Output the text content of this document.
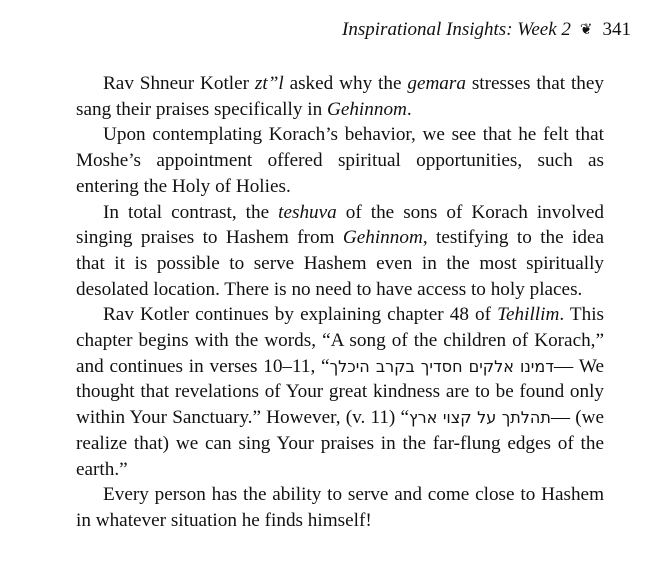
Inspirational Insights: Week 2 ❦ 341

Rav Shneur Kotler zt”l asked why the gemara stresses that they sang their praises specifically in Gehinnom.

Upon contemplating Korach’s behavior, we see that he felt that Moshe’s appointment offered spiritual opportunities, such as entering the Holy of Holies.

In total contrast, the teshuva of the sons of Korach involved singing praises to Hashem from Gehinnom, testifying to the idea that it is possible to serve Hashem even in the most spiritually desolated location. There is no need to have access to holy places.

Rav Kotler continues by explaining chapter 48 of Tehillim. This chapter begins with the words, “A song of the children of Korach,” and continues in verses 10–11, “דמינו אלקים חסדיך בקרב היכלך— We thought that revelations of Your great kindness are to be found only within Your Sanctuary.” However, (v. 11) “תהלתך על קצוי ארץ— (we realize that) we can sing Your praises in the far-flung edges of the earth.”

Every person has the ability to serve and come close to Hashem in whatever situation he finds himself!
